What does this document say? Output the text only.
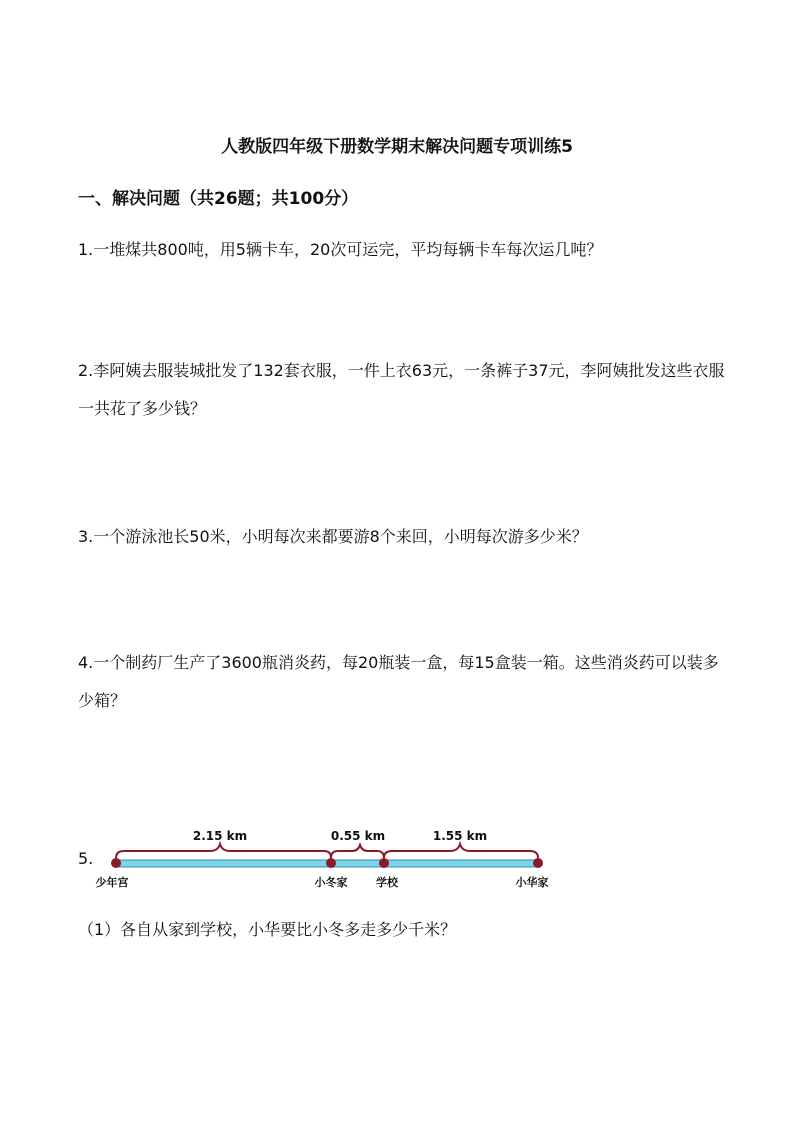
人教版四年级下册数学期末解决问题专项训练5
一、解决问题（共26题；共100分）
1.一堆煤共800吨，用5辆卡车，20次可运完，平均每辆卡车每次运几吨？
2.李阿姨去服装城批发了132套衣服，一件上衣63元，一条裤子37元，李阿姨批发这些衣服一共花了多少钱？
3.一个游泳池长50米，小明每次来都要游8个来回，小明每次游多少米？
4.一个制药厂生产了3600瓶消炎药，每20瓶装一盒，每15盒装一箱。这些消炎药可以装多少箱？
5.
2.15 km	0.55 km	1.55 km
少年宫	小冬家	学校	小华家
（1）各自从家到学校，小华要比小冬多走多少千米？
